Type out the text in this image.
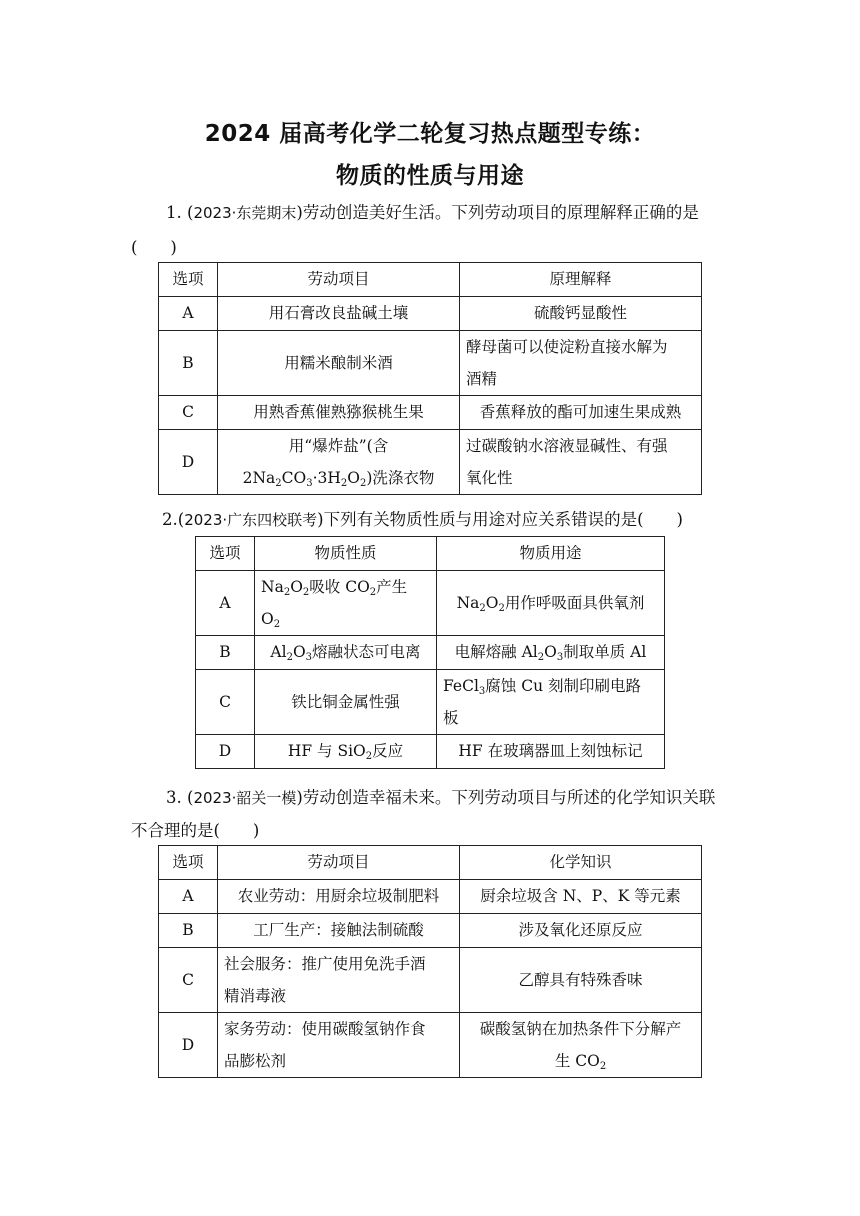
2024 届高考化学二轮复习热点题型专练：
物质的性质与用途
1. (2023·东莞期末)劳动创造美好生活。下列劳动项目的原理解释正确的是
(　　)
选项	劳动项目	原理解释
A	用石膏改良盐碱土壤	硫酸钙显酸性
B	用糯米酿制米酒	酵母菌可以使淀粉直接水解为
酒精
C	用熟香蕉催熟猕猴桃生果	香蕉释放的酯可加速生果成熟
D	用“爆炸盐”(含
$2Na_2CO_3\cdot 3H_2O_2$)洗涤衣物	过碳酸钠水溶液显碱性、有强
氧化性
2.(2023·广东四校联考)下列有关物质性质与用途对应关系错误的是(　　)
选项	物质性质	物质用途
A	$Na_2O_2$吸收 $CO_2$产生
$O_2$	$Na_2O_2$用作呼吸面具供氧剂
B	$Al_2O_3$熔融状态可电离	电解熔融 $Al_2O_3$制取单质 Al
C	铁比铜金属性强	FeCl$_3$腐蚀 Cu 刻制印刷电路
板
D	HF 与 SiO$_2$反应	HF 在玻璃器皿上刻蚀标记
3. (2023·韶关一模)劳动创造幸福未来。下列劳动项目与所述的化学知识关联
不合理的是(　　)
选项	劳动项目	化学知识
A	农业劳动：用厨余垃圾制肥料	厨余垃圾含 N、P、K 等元素
B	工厂生产：接触法制硫酸	涉及氧化还原反应
C	社会服务：推广使用免洗手酒
精消毒液	乙醇具有特殊香味
D	家务劳动：使用碳酸氢钠作食
品膨松剂	碳酸氢钠在加热条件下分解产
生 $CO_2$
